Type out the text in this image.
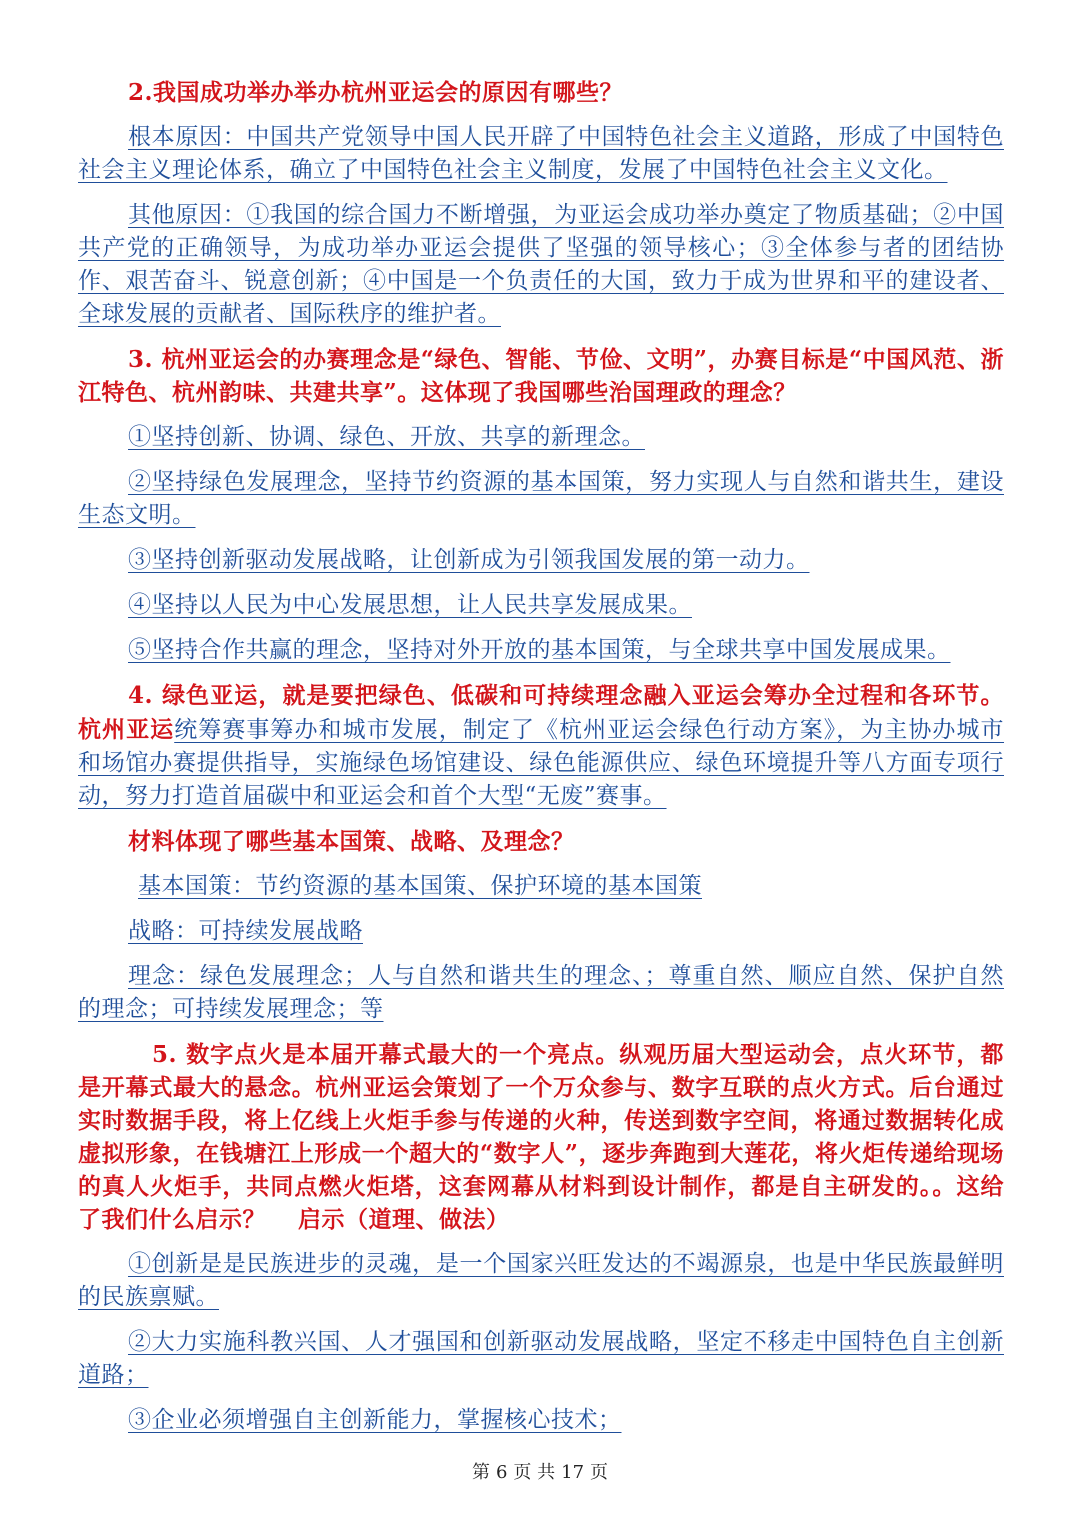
2.我国成功举办举办杭州亚运会的原因有哪些？

根本原因：中国共产党领导中国人民开辟了中国特色社会主义道路，形成了中国特色社会主义理论体系，确立了中国特色社会主义制度，发展了中国特色社会主义文化。

其他原因：①我国的综合国力不断增强，为亚运会成功举办奠定了物质基础；②中国共产党的正确领导，为成功举办亚运会提供了坚强的领导核心；③全体参与者的团结协作、艰苦奋斗、锐意创新；④中国是一个负责任的大国，致力于成为世界和平的建设者、全球发展的贡献者、国际秩序的维护者。

3. 杭州亚运会的办赛理念是“绿色、智能、节俭、文明”，办赛目标是“中国风范、浙江特色、杭州韵味、共建共享”。这体现了我国哪些治国理政的理念？

①坚持创新、协调、绿色、开放、共享的新理念。

②坚持绿色发展理念，坚持节约资源的基本国策，努力实现人与自然和谐共生，建设生态文明。

③坚持创新驱动发展战略，让创新成为引领我国发展的第一动力。

④坚持以人民为中心发展思想，让人民共享发展成果。

⑤坚持合作共赢的理念，坚持对外开放的基本国策，与全球共享中国发展成果。

4. 绿色亚运，就是要把绿色、低碳和可持续理念融入亚运会筹办全过程和各环节。杭州亚运统筹赛事筹办和城市发展，制定了《杭州亚运会绿色行动方案》，为主协办城市和场馆办赛提供指导，实施绿色场馆建设、绿色能源供应、绿色环境提升等八方面专项行动，努力打造首届碳中和亚运会和首个大型“无废”赛事。

材料体现了哪些基本国策、战略、及理念？

基本国策：节约资源的基本国策、保护环境的基本国策

战略：可持续发展战略

理念：绿色发展理念；人与自然和谐共生的理念、；尊重自然、顺应自然、保护自然的理念；可持续发展理念；等

5. 数字点火是本届开幕式最大的一个亮点。纵观历届大型运动会，点火环节，都是开幕式最大的悬念。杭州亚运会策划了一个万众参与、数字互联的点火方式。后台通过实时数据手段，将上亿线上火炬手参与传递的火种，传送到数字空间，将通过数据转化成虚拟形象，在钱塘江上形成一个超大的“数字人”，逐步奔跑到大莲花，将火炬传递给现场的真人火炬手，共同点燃火炬塔，这套网幕从材料到设计制作，都是自主研发的。。这给了我们什么启示？　 启示（道理、做法）

①创新是是民族进步的灵魂，是一个国家兴旺发达的不竭源泉，也是中华民族最鲜明的民族禀赋。

②大力实施科教兴国、人才强国和创新驱动发展战略，坚定不移走中国特色自主创新道路；

③企业必须增强自主创新能力，掌握核心技术；

第 6 页 共 17 页
